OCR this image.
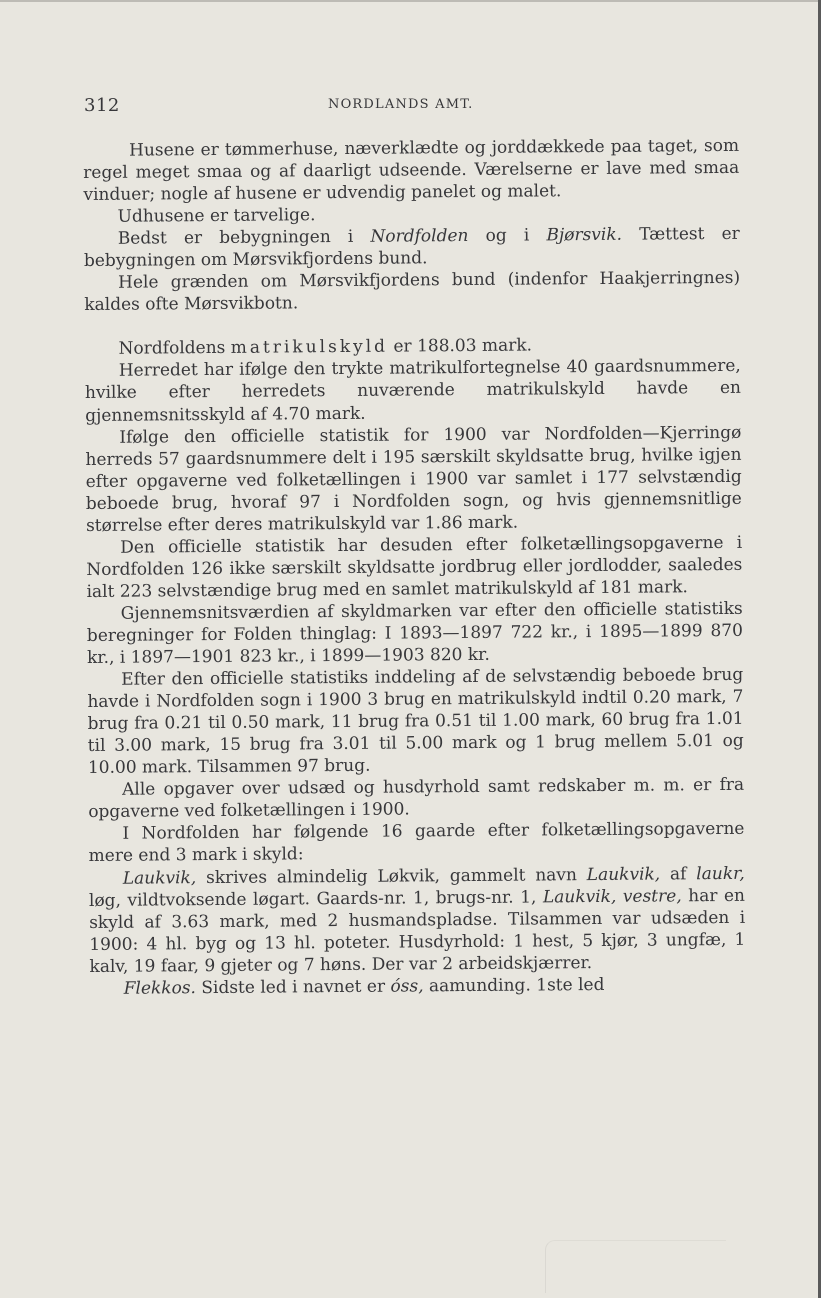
312	NORDLANDS AMT.

Husene er tømmerhuse, næverklædte og jorddækkede paa taget, som regel meget smaa og af daarligt udseende. Værelserne er lave med smaa vinduer; nogle af husene er udvendig panelet og malet.

Udhusene er tarvelige.

Bedst er bebygningen i Nordfolden og i Bjørsvik. Tættest er bebygningen om Mørsvikfjordens bund.

Hele grænden om Mørsvikfjordens bund (indenfor Haakjerringnes) kaldes ofte Mørsvikbotn.

Nordfoldens matrikulskyld er 188.03 mark.

Herredet har ifølge den trykte matrikulfortegnelse 40 gaardsnummere, hvilke efter herredets nuværende matrikulskyld havde en gjennemsnitsskyld af 4.70 mark.

Ifølge den officielle statistik for 1900 var Nordfolden—Kjerringø herreds 57 gaardsnummere delt i 195 særskilt skyldsatte brug, hvilke igjen efter opgaverne ved folketællingen i 1900 var samlet i 177 selvstændig beboede brug, hvoraf 97 i Nordfolden sogn, og hvis gjennemsnitlige størrelse efter deres matrikulskyld var 1.86 mark.

Den officielle statistik har desuden efter folketællingsopgaverne i Nordfolden 126 ikke særskilt skyldsatte jordbrug eller jordlodder, saaledes ialt 223 selvstændige brug med en samlet matrikulskyld af 181 mark.

Gjennemsnitsværdien af skyldmarken var efter den officielle statistiks beregninger for Folden thinglag: I 1893—1897 722 kr., i 1895—1899 870 kr., i 1897—1901 823 kr., i 1899—1903 820 kr.

Efter den officielle statistiks inddeling af de selvstændig beboede brug havde i Nordfolden sogn i 1900 3 brug en matrikulskyld indtil 0.20 mark, 7 brug fra 0.21 til 0.50 mark, 11 brug fra 0.51 til 1.00 mark, 60 brug fra 1.01 til 3.00 mark, 15 brug fra 3.01 til 5.00 mark og 1 brug mellem 5.01 og 10.00 mark. Tilsammen 97 brug.

Alle opgaver over udsæd og husdyrhold samt redskaber m. m. er fra opgaverne ved folketællingen i 1900.

I Nordfolden har følgende 16 gaarde efter folketællingsopgaverne mere end 3 mark i skyld:

Laukvik, skrives almindelig Løkvik, gammelt navn Laukvik, af laukr, løg, vildtvoksende løgart. Gaards-nr. 1, brugs-nr. 1, Laukvik, vestre, har en skyld af 3.63 mark, med 2 husmandspladse. Tilsammen var udsæden i 1900: 4 hl. byg og 13 hl. poteter. Husdyrhold: 1 hest, 5 kjør, 3 ungfæ, 1 kalv, 19 faar, 9 gjeter og 7 høns. Der var 2 arbeidskjærrer.

Flekkos. Sidste led i navnet er óss, aamunding. 1ste led
